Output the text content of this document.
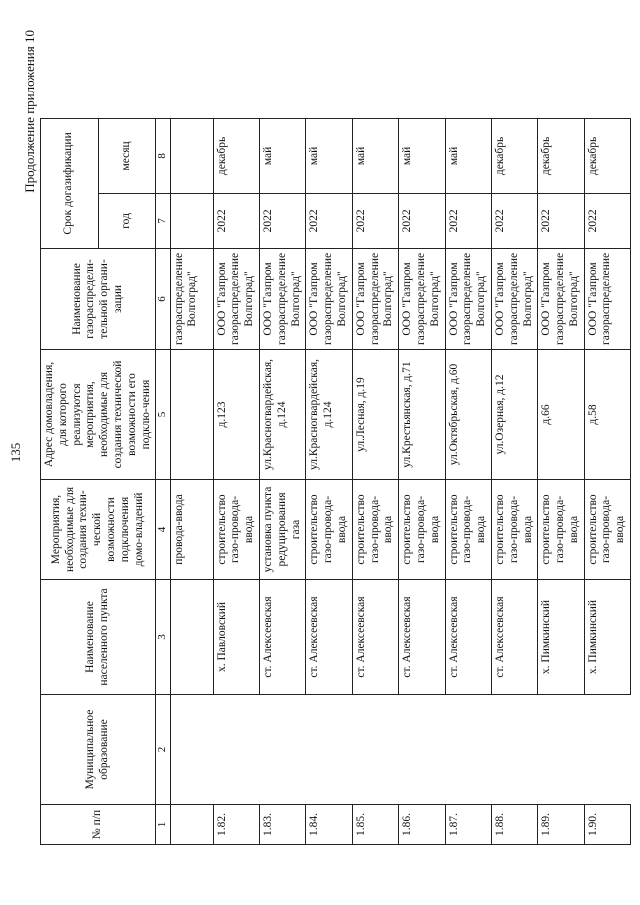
135
Продолжение приложения 10
№ п/п	Муниципальное образование	Наименование населенного пункта	Мероприятия, необходимые для создания техни-ческой возможности подключения домо-владений	Адрес домовладения, для которого реализуются мероприятия, необходимые для создания технической возможности его подклю-чения	Наименование газораспредели-тельной органи-зации	Срок догазификации	
						год	месяц
1	2	3	4	5	6	7	8
			провода-ввода		газораспределение Волгоград"		
1.82.		х. Павловский	строительство газо-провода-ввода	д.123	ООО "Газпром газораспределение Волгоград"	2022	декабрь
1.83.		ст. Алексеевская	установка пункта редуцирования газа	ул.Красногвардейская, д.124	ООО "Газпром газораспределение Волгоград"	2022	май
1.84.		ст. Алексеевская	строительство газо-провода-ввода	ул.Красногвардейская, д.124	ООО "Газпром газораспределение Волгоград"	2022	май
1.85.		ст. Алексеевская	строительство газо-провода-ввода	ул.Лесная, д.19	ООО "Газпром газораспределение Волгоград"	2022	май
1.86.		ст. Алексеевская	строительство газо-провода-ввода	ул.Крестьянская, д.71	ООО "Газпром газораспределение Волгоград"	2022	май
1.87.		ст. Алексеевская	строительство газо-провода-ввода	ул.Октябрьская, д.60	ООО "Газпром газораспределение Волгоград"	2022	май
1.88.		ст. Алексеевская	строительство газо-провода-ввода	ул.Озерная, д.12	ООО "Газпром газораспределение Волгоград"	2022	декабрь
1.89.		х. Пимкинский	строительство газо-провода-ввода	д.66	ООО "Газпром газораспределение Волгоград"	2022	декабрь
1.90.		х. Пимкинский	строительство газо-провода-ввода	д.58	ООО "Газпром газораспределение	2022	декабрь
